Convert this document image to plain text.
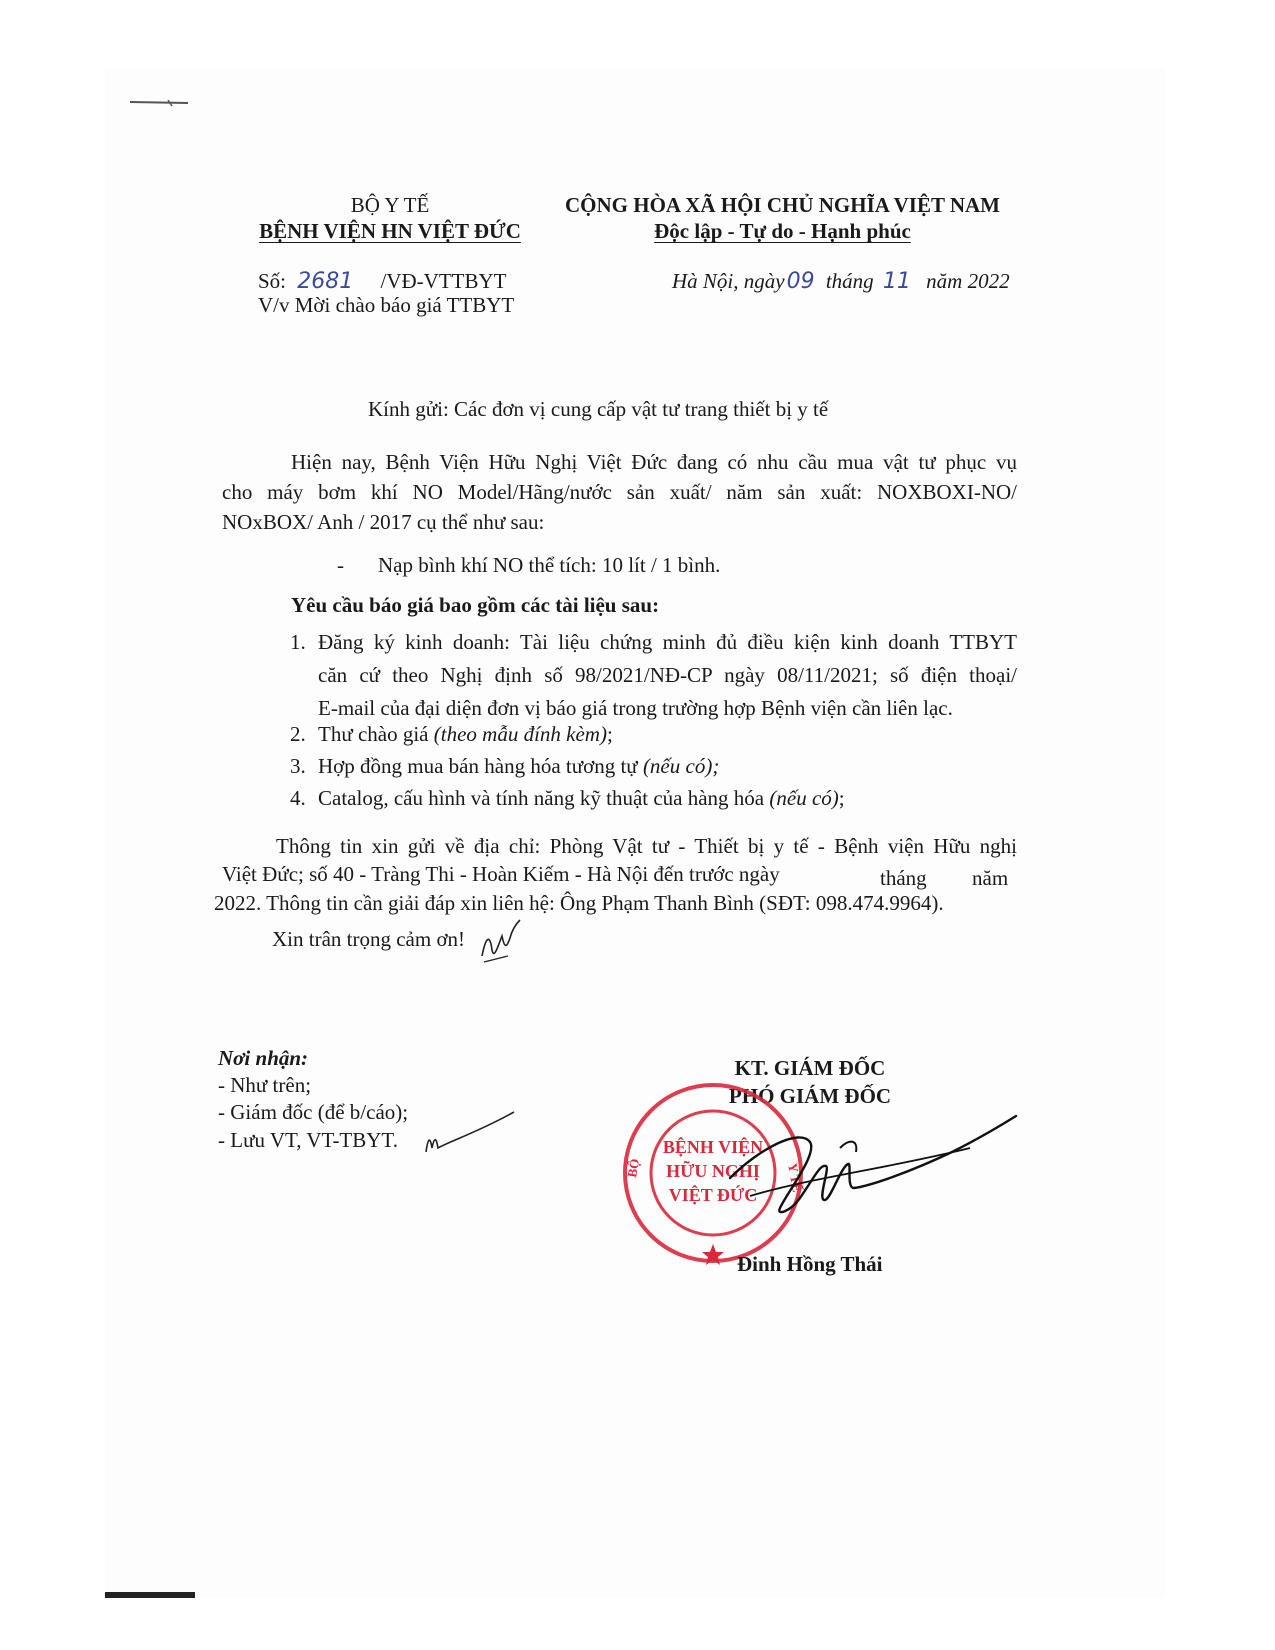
BỘ Y TẾ
BỆNH VIỆN HN VIỆT ĐỨC
Số: 2681 /VĐ-VTTBYT
V/v Mời chào báo giá TTBYT
CỘNG HÒA XÃ HỘI CHỦ NGHĨA VIỆT NAM
Độc lập - Tự do - Hạnh phúc
Hà Nội, ngày09 tháng 11 năm 2022
Kính gửi: Các đơn vị cung cấp vật tư trang thiết bị y tế
Hiện nay, Bệnh Viện Hữu Nghị Việt Đức đang có nhu cầu mua vật tư phục vụ
cho máy bơm khí NO Model/Hãng/nước sản xuất/ năm sản xuất: NOXBOXI-NO/
NOxBOX/ Anh / 2017 cụ thể như sau:
- Nạp bình khí NO thể tích: 10 lít / 1 bình.
Yêu cầu báo giá bao gồm các tài liệu sau:
1. Đăng ký kinh doanh: Tài liệu chứng minh đủ điều kiện kinh doanh TTBYT
căn cứ theo Nghị định số 98/2021/NĐ-CP ngày 08/11/2021; số điện thoại/
E-mail của đại diện đơn vị báo giá trong trường hợp Bệnh viện cần liên lạc.
2. Thư chào giá (theo mẫu đính kèm);
3. Hợp đồng mua bán hàng hóa tương tự (nếu có);
4. Catalog, cấu hình và tính năng kỹ thuật của hàng hóa (nếu có);
Thông tin xin gửi về địa chỉ: Phòng Vật tư - Thiết bị y tế - Bệnh viện Hữu nghị
Việt Đức; số 40 - Tràng Thi - Hoàn Kiếm - Hà Nội đến trước ngày	tháng năm
2022. Thông tin cần giải đáp xin liên hệ: Ông Phạm Thanh Bình (SĐT: 098.474.9964).
Xin trân trọng cảm ơn!
Nơi nhận:
- Như trên;
- Giám đốc (để b/cáo);
- Lưu VT, VT-TBYT.
KT. GIÁM ĐỐC
PHÓ GIÁM ĐỐC
BỆNH VIỆN
HỮU NGHỊ
VIỆT ĐỨC
BỘ	Y TẾ
Đinh Hồng Thái
